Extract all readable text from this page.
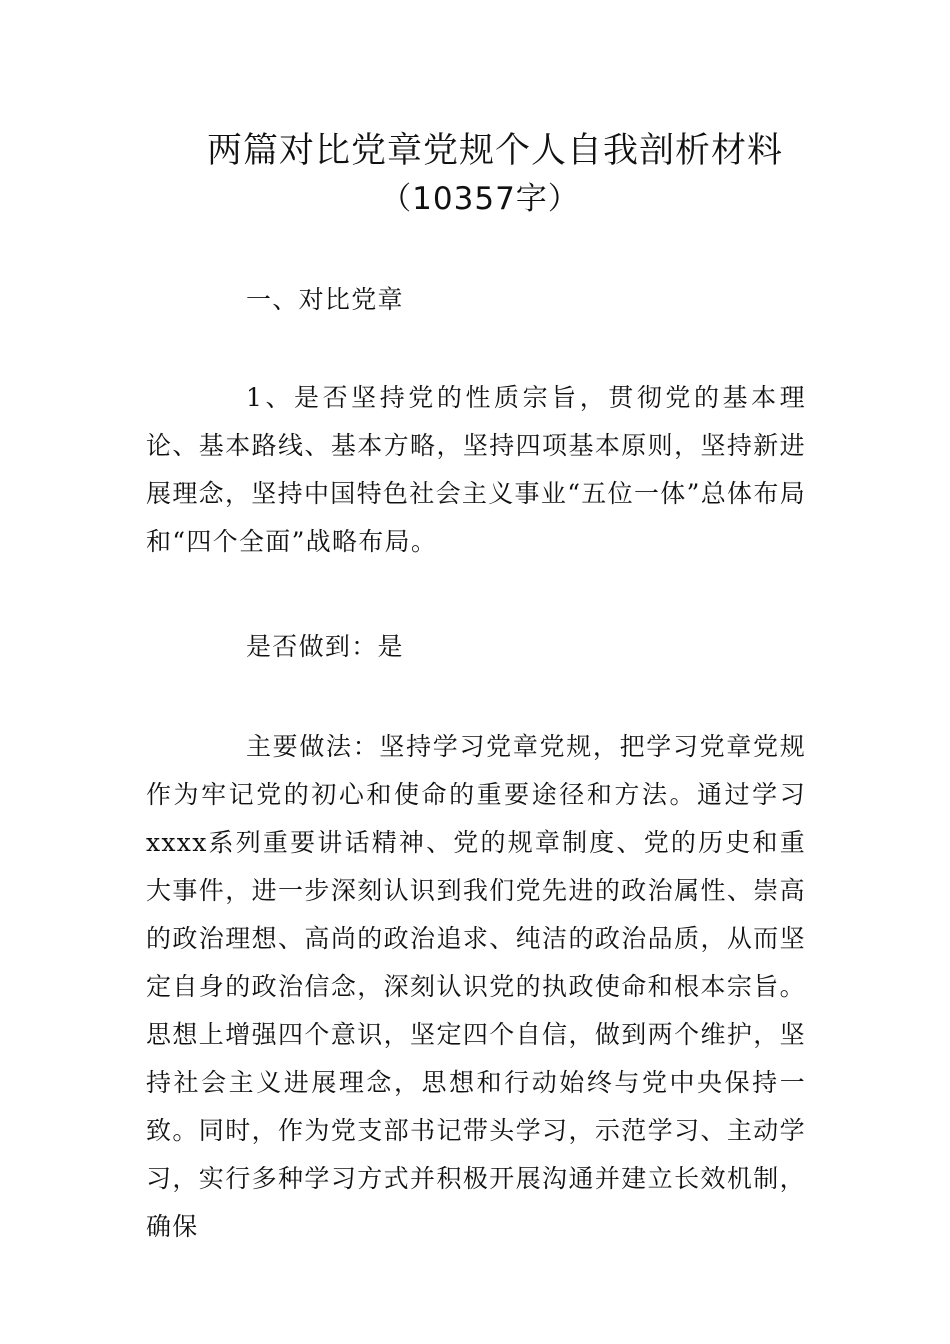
两篇对比党章党规个人自我剖析材料
（10357字）
一、对比党章
1、是否坚持党的性质宗旨，贯彻党的基本理论、基本路线、基本方略，坚持四项基本原则，坚持新进展理念，坚持中国特色社会主义事业“五位一体”总体布局和“四个全面”战略布局。
是否做到：是
主要做法：坚持学习党章党规，把学习党章党规作为牢记党的初心和使命的重要途径和方法。通过学习xxxx系列重要讲话精神、党的规章制度、党的历史和重大事件，进一步深刻认识到我们党先进的政治属性、崇高的政治理想、高尚的政治追求、纯洁的政治品质，从而坚定自身的政治信念，深刻认识党的执政使命和根本宗旨。思想上增强四个意识，坚定四个自信，做到两个维护，坚持社会主义进展理念，思想和行动始终与党中央保持一致。同时，作为党支部书记带头学习，示范学习、主动学习，实行多种学习方式并积极开展沟通并建立长效机制，确保
